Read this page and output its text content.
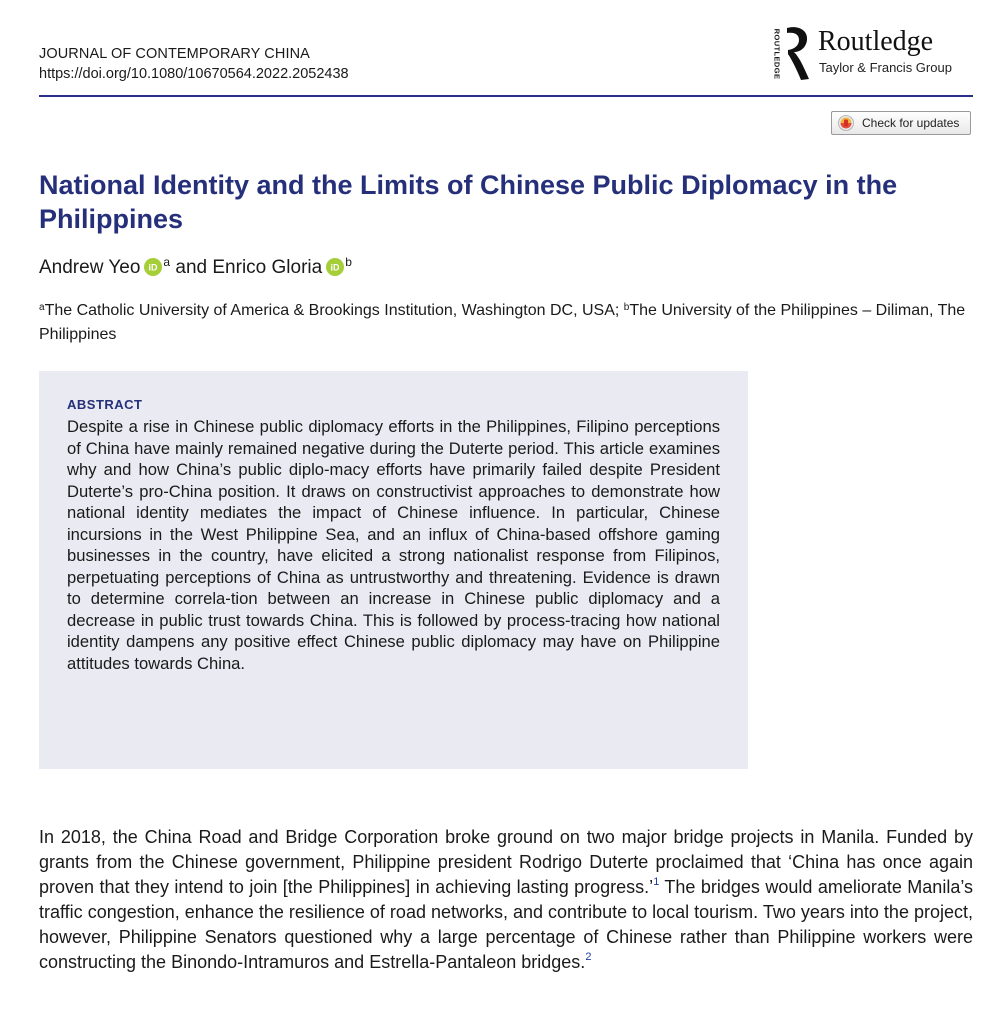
JOURNAL OF CONTEMPORARY CHINA
https://doi.org/10.1080/10670564.2022.2052438	ROUTLEDGE Routledge
Taylor & Francis Group
Check for updates
National Identity and the Limits of Chinese Public Diplomacy in the Philippines
Andrew Yeo iD $^a$ and Enrico Gloria iD $^b$
$^a$The Catholic University of America & Brookings Institution, Washington DC, USA; $^b$The University of the Philippines – Diliman, The Philippines
ABSTRACT

Despite a rise in Chinese public diplomacy efforts in the Philippines, Filipino perceptions of China have mainly remained negative during the Duterte period. This article examines why and how China’s public diplo-macy efforts have primarily failed despite President Duterte’s pro-China position. It draws on constructivist approaches to demonstrate how national identity mediates the impact of Chinese influence. In particular, Chinese incursions in the West Philippine Sea, and an influx of China-based offshore gaming businesses in the country, have elicited a strong nationalist response from Filipinos, perpetuating perceptions of China as untrustworthy and threatening. Evidence is drawn to determine correla-tion between an increase in Chinese public diplomacy and a decrease in public trust towards China. This is followed by process-tracing how national identity dampens any positive effect Chinese public diplomacy may have on Philippine attitudes towards China.

In 2018, the China Road and Bridge Corporation broke ground on two major bridge projects in Manila. Funded by grants from the Chinese government, Philippine president Rodrigo Duterte proclaimed that ‘China has once again proven that they intend to join [the Philippines] in achieving lasting progress.’$^1$ The bridges would ameliorate Manila’s traffic congestion, enhance the resilience of road networks, and contribute to local tourism. Two years into the project, however, Philippine Senators questioned why a large percentage of Chinese rather than Philippine workers were constructing the Binondo-Intramuros and Estrella-Pantaleon bridges.$^2$
